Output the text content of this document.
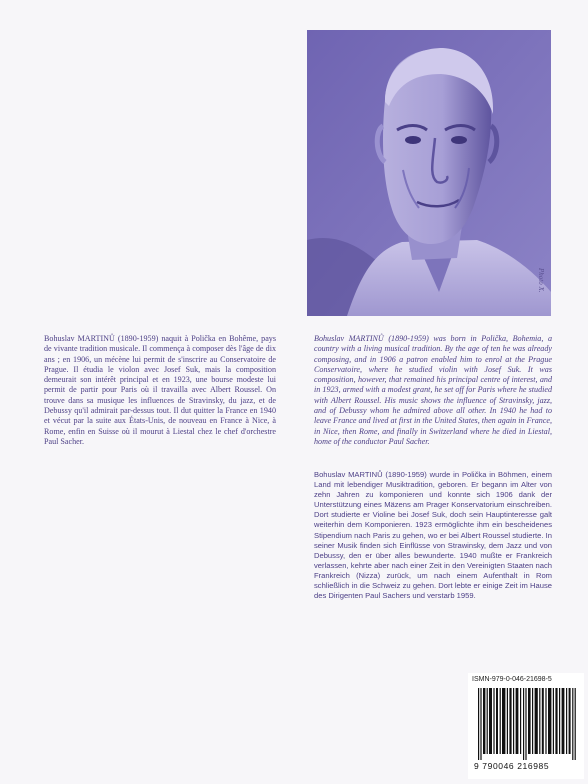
Photo X.

Bohuslav MARTINŮ (1890-1959) naquit à Polička en Bohême, pays de vivante tradition musicale. Il commença à composer dès l'âge de dix ans ; en 1906, un mécène lui permit de s'inscrire au Conservatoire de Prague. Il étudia le violon avec Josef Suk, mais la composition demeurait son intérêt principal et en 1923, une bourse modeste lui permit de partir pour Paris où il travailla avec Albert Roussel. On trouve dans sa musique les influences de Stravinsky, du jazz, et de Debussy qu'il admirait par-dessus tout. Il dut quitter la France en 1940 et vécut par la suite aux États-Unis, de nouveau en France à Nice, à Rome, enfin en Suisse où il mourut à Liestal chez le chef d'orchestre Paul Sacher.

Bohuslav MARTINŮ (1890-1959) was born in Polička, Bohemia, a country with a living musical tradition. By the age of ten he was already composing, and in 1906 a patron enabled him to enrol at the Prague Conservatoire, where he studied violin with Josef Suk. It was composition, however, that remained his principal centre of interest, and in 1923, armed with a modest grant, he set off for Paris where he studied with Albert Roussel. His music shows the influence of Stravinsky, jazz, and of Debussy whom he admired above all other. In 1940 he had to leave France and lived at first in the United States, then again in France, in Nice, then Rome, and finally in Switzerland where he died in Liestal, home of the conductor Paul Sacher.

Bohuslav MARTINŮ (1890-1959) wurde in Polička in Böhmen, einem Land mit lebendiger Musiktradition, geboren. Er begann im Alter von zehn Jahren zu komponieren und konnte sich 1906 dank der Unterstützung eines Mäzens am Prager Konservatorium einschreiben. Dort studierte er Violine bei Josef Suk, doch sein Hauptinteresse galt weiterhin dem Komponieren. 1923 ermöglichte ihm ein bescheidenes Stipendium nach Paris zu gehen, wo er bei Albert Roussel studierte. In seiner Musik finden sich Einflüsse von Strawinsky, dem Jazz und von Debussy, den er über alles bewunderte. 1940 mußte er Frankreich verlassen, kehrte aber nach einer Zeit in den Vereinigten Staaten nach Frankreich (Nizza) zurück, um nach einem Aufenthalt in Rom schließlich in die Schweiz zu gehen. Dort lebte er einige Zeit im Hause des Dirigenten Paul Sachers und verstarb 1959.

ISMN-979-0-046-21698-5
9 790046 216985
